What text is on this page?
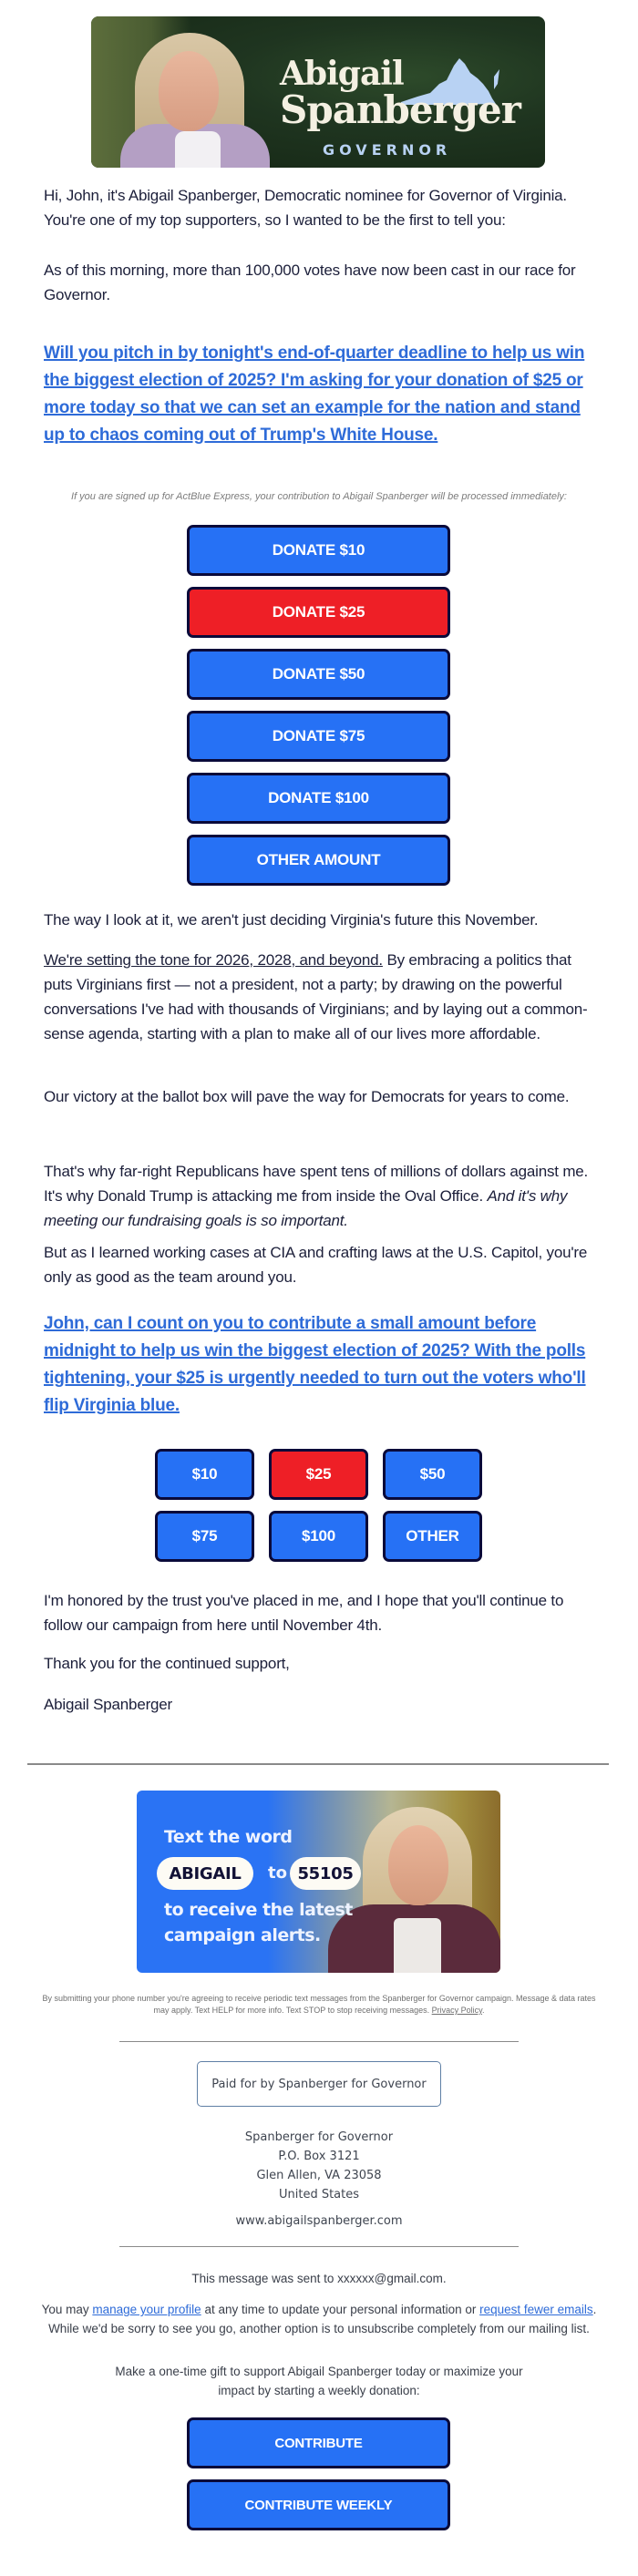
Abigail
Spanberger
GOVERNOR

Hi, John, it's Abigail Spanberger, Democratic nominee for Governor of Virginia. You're one of my top supporters, so I wanted to be the first to tell you:

As of this morning, more than 100,000 votes have now been cast in our race for Governor.

Will you pitch in by tonight's end-of-quarter deadline to help us win the biggest election of 2025? I'm asking for your donation of $25 or more today so that we can set an example for the nation and stand up to chaos coming out of Trump's White House.

If you are signed up for ActBlue Express, your contribution to Abigail Spanberger will be processed immediately:

DONATE $10
DONATE $25
DONATE $50
DONATE $75
DONATE $100
OTHER AMOUNT

The way I look at it, we aren't just deciding Virginia's future this November.

We're setting the tone for 2026, 2028, and beyond. By embracing a politics that puts Virginians first — not a president, not a party; by drawing on the powerful conversations I've had with thousands of Virginians; and by laying out a common-sense agenda, starting with a plan to make all of our lives more affordable.

Our victory at the ballot box will pave the way for Democrats for years to come.

That's why far-right Republicans have spent tens of millions of dollars against me. It's why Donald Trump is attacking me from inside the Oval Office. And it's why meeting our fundraising goals is so important.

But as I learned working cases at CIA and crafting laws at the U.S. Capitol, you're only as good as the team around you.

John, can I count on you to contribute a small amount before midnight to help us win the biggest election of 2025? With the polls tightening, your $25 is urgently needed to turn out the voters who'll flip Virginia blue.
$10	$25	$50
$75	$100	OTHER

I'm honored by the trust you've placed in me, and I hope that you'll continue to follow our campaign from here until November 4th.

Thank you for the continued support,

Abigail Spanberger

Text the word
ABIGAIL	to 55105
to receive the latest
campaign alerts.

By submitting your phone number you're agreeing to receive periodic text messages from the Spanberger for Governor campaign. Message & data rates may apply. Text HELP for more info. Text STOP to stop receiving messages. Privacy Policy.

Paid for by Spanberger for Governor
Spanberger for Governor
P.O. Box 3121
Glen Allen, VA 23058
United States
www.abigailspanberger.com

This message was sent to xxxxxx@gmail.com.

You may manage your profile at any time to update your personal information or request fewer emails. While we'd be sorry to see you go, another option is to unsubscribe completely from our mailing list.

Make a one-time gift to support Abigail Spanberger today or maximize your impact by starting a weekly donation:

CONTRIBUTE
CONTRIBUTE WEEKLY
